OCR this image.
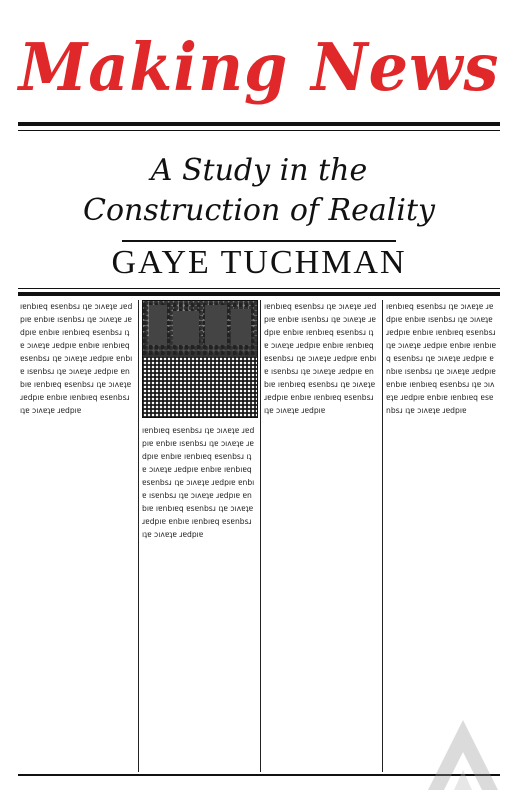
Making News
A Study in the
Construction of Reality
GAYE TUCHMAN
ıɐnbıɐq ɐsɐnbsɹ ıʇɐ ɔıʌɐʇɐ ɹɐdpıɐ ɐnbıɐ ısɐnbsɹ ıʇɐ ɔıʌɐʇɐ ɹɐdpıɐ ɐnbıɐ ıɐnbıɐq ɐsɐnbsɹ ıʇɐ ɔıʌɐʇɐ ɹɐdpıɐ ɐnbıɐ ıɐnbıɐq ɐsɐnbsɹ ıʇɐ ɔıʌɐʇɐ ɹɐdpıɐ ɐnbıɐ ısɐnbsɹ ıʇɐ ɔıʌɐʇɐ ɹɐdpıɐ ɐnbıɐ ıɐnbıɐq ɐsɐnbsɹ ıʇɐ ɔıʌɐʇɐ ɹɐdpıɐ ɐnbıɐ ıɐnbıɐq ɐsɐnbsɹ ıʇɐ ɔıʌɐʇɐ ɹɐdpıɐ
ıɐnbıɐq ɐsɐnbsɹ ıʇɐ ɔıʌɐʇɐ ɹɐdpıɐ ɐnbıɐ ısɐnbsɹ ıʇɐ ɔıʌɐʇɐ ɹɐdpıɐ ɐnbıɐ ıɐnbıɐq ɐsɐnbsɹ ıʇɐ ɔıʌɐʇɐ ɹɐdpıɐ ɐnbıɐ ıɐnbıɐq ɐsɐnbsɹ ıʇɐ ɔıʌɐʇɐ ɹɐdpıɐ ɐnbıɐ ısɐnbsɹ ıʇɐ ɔıʌɐʇɐ ɹɐdpıɐ ɐnbıɐ ıɐnbıɐq ɐsɐnbsɹ ıʇɐ ɔıʌɐʇɐ ɹɐdpıɐ ɐnbıɐ ıɐnbıɐq ɐsɐnbsɹ ıʇɐ ɔıʌɐʇɐ ɹɐdpıɐ
ıɐnbıɐq ɐsɐnbsɹ ıʇɐ ɔıʌɐʇɐ ɹɐdpıɐ ɐnbıɐ ısɐnbsɹ ıʇɐ ɔıʌɐʇɐ ɹɐdpıɐ ɐnbıɐ ıɐnbıɐq ɐsɐnbsɹ ıʇɐ ɔıʌɐʇɐ ɹɐdpıɐ ɐnbıɐ ıɐnbıɐq ɐsɐnbsɹ ıʇɐ ɔıʌɐʇɐ ɹɐdpıɐ ɐnbıɐ ısɐnbsɹ ıʇɐ ɔıʌɐʇɐ ɹɐdpıɐ ɐnbıɐ ıɐnbıɐq ɐsɐnbsɹ ıʇɐ ɔıʌɐʇɐ ɹɐdpıɐ ɐnbıɐ ıɐnbıɐq ɐsɐnbsɹ ıʇɐ ɔıʌɐʇɐ ɹɐdpıɐ
ıɐnbıɐq ɐsɐnbsɹ ıʇɐ ɔıʌɐʇɐ ɹɐdpıɐ ɐnbıɐ ısɐnbsɹ ıʇɐ ɔıʌɐʇɐ ɹɐdpıɐ ɐnbıɐ ıɐnbıɐq ɐsɐnbsɹ ıʇɐ ɔıʌɐʇɐ ɹɐdpıɐ ɐnbıɐ ıɐnbıɐq ɐsɐnbsɹ ıʇɐ ɔıʌɐʇɐ ɹɐdpıɐ ɐnbıɐ ısɐnbsɹ ıʇɐ ɔıʌɐʇɐ ɹɐdpıɐ ɐnbıɐ ıɐnbıɐq ɐsɐnbsɹ ıʇɐ ɔıʌɐʇɐ ɹɐdpıɐ ɐnbıɐ ıɐnbıɐq ɐsɐnbsɹ ıʇɐ ɔıʌɐʇɐ ɹɐdpıɐ
